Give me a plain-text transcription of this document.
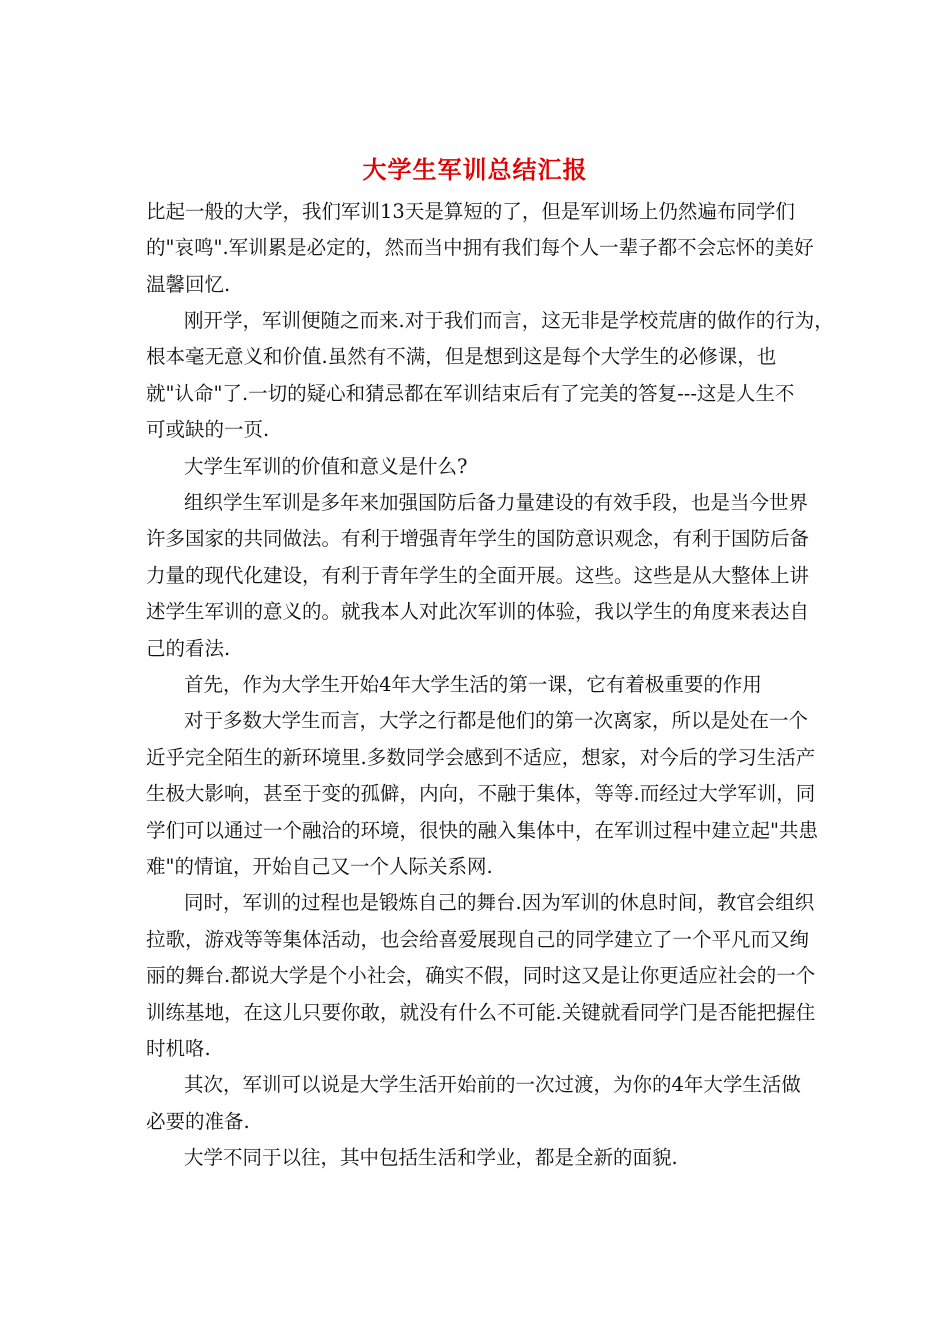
大学生军训总结汇报
比起一般的大学，我们军训13天是算短的了，但是军训场上仍然遍布同学们
的"哀鸣".军训累是必定的，然而当中拥有我们每个人一辈子都不会忘怀的美好
温馨回忆.
刚开学，军训便随之而来.对于我们而言，这无非是学校荒唐的做作的行为，
根本毫无意义和价值.虽然有不满，但是想到这是每个大学生的必修课，也
就"认命"了.一切的疑心和猜忌都在军训结束后有了完美的答复---这是人生不
可或缺的一页.
大学生军训的价值和意义是什么?
组织学生军训是多年来加强国防后备力量建设的有效手段，也是当今世界
许多国家的共同做法。有利于增强青年学生的国防意识观念，有利于国防后备
力量的现代化建设，有利于青年学生的全面开展。这些。这些是从大整体上讲
述学生军训的意义的。就我本人对此次军训的体验，我以学生的角度来表达自
己的看法.
首先，作为大学生开始4年大学生活的第一课，它有着极重要的作用
对于多数大学生而言，大学之行都是他们的第一次离家，所以是处在一个
近乎完全陌生的新环境里.多数同学会感到不适应，想家，对今后的学习生活产
生极大影响，甚至于变的孤僻，内向，不融于集体，等等.而经过大学军训，同
学们可以通过一个融洽的环境，很快的融入集体中，在军训过程中建立起"共患
难"的情谊，开始自己又一个人际关系网.
同时，军训的过程也是锻炼自己的舞台.因为军训的休息时间，教官会组织
拉歌，游戏等等集体活动，也会给喜爱展现自己的同学建立了一个平凡而又绚
丽的舞台.都说大学是个小社会，确实不假，同时这又是让你更适应社会的一个
训练基地，在这儿只要你敢，就没有什么不可能.关键就看同学门是否能把握住
时机咯.
其次，军训可以说是大学生活开始前的一次过渡，为你的4年大学生活做
必要的准备.
大学不同于以往，其中包括生活和学业，都是全新的面貌.
